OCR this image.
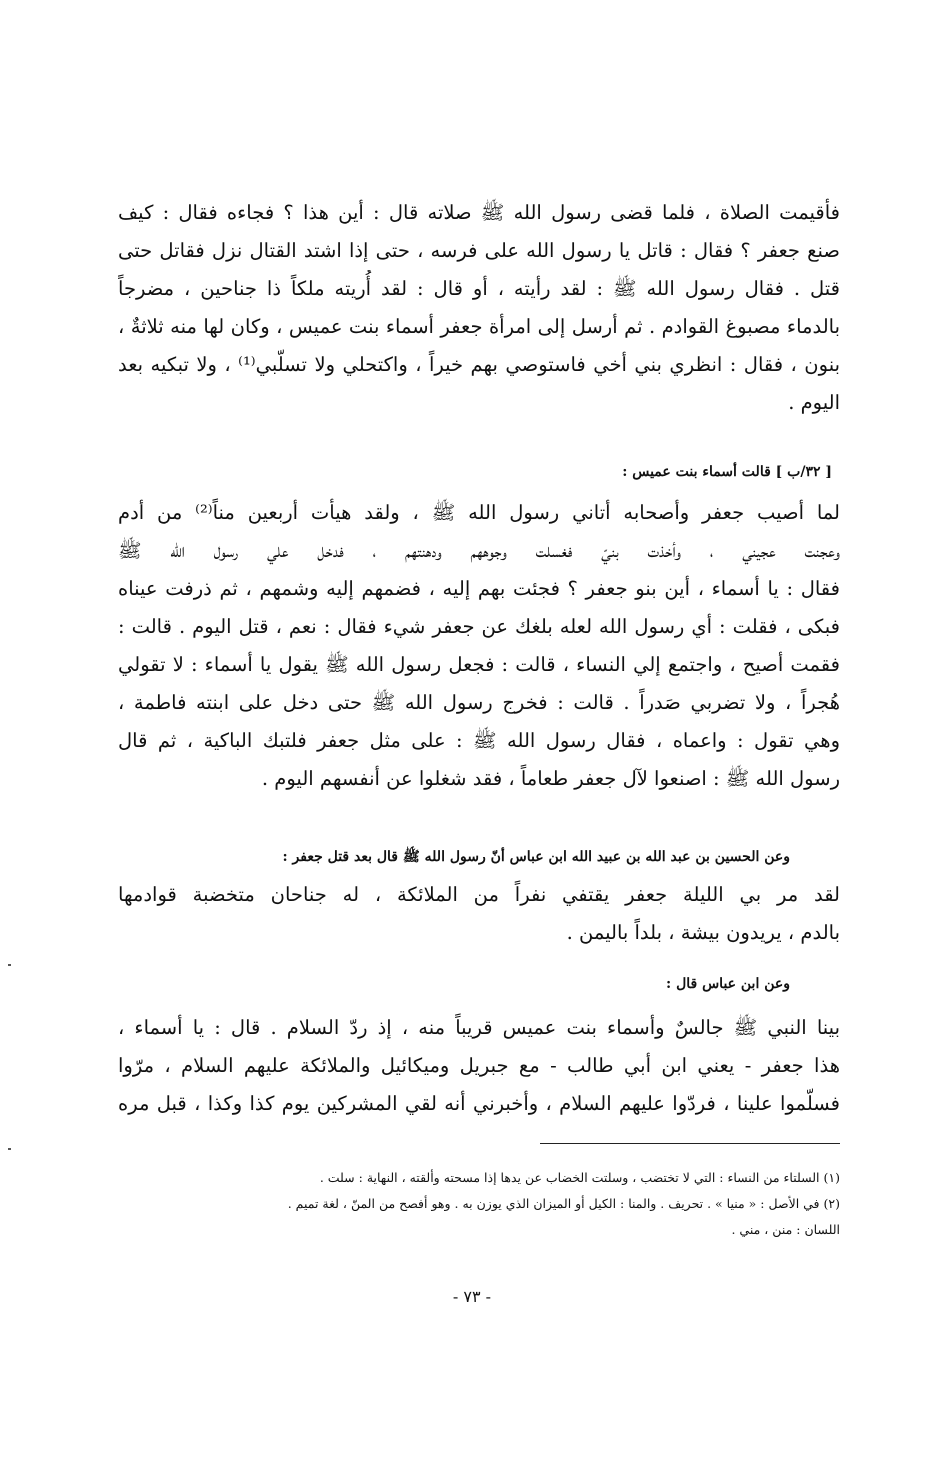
فأقيمت الصلاة ، فلما قضى رسول الله ﷺ صلاته قال : أين هذا ؟ فجاءه فقال : كيف
صنع جعفر ؟ فقال : قاتل يا رسول الله على فرسه ، حتى إذا اشتد القتال نزل فقاتل حتى
قتل . فقال رسول الله ﷺ : لقد رأيته ، أو قال : لقد أُريته ملكاً ذا جناحين ، مضرجاً
بالدماء مصبوغ القوادم . ثم أرسل إلى امرأة جعفر أسماء بنت عميس ، وكان لها منه ثلاثةٌ ،
بنون ، فقال : انظري بني أخي فاستوصي بهم خيراً ، واكتحلي ولا تسلّبي⁽¹⁾ ، ولا تبكيه بعد
اليوم .
[ ٣٢/ب ] قالت أسماء بنت عميس :
لما أصيب جعفر وأصحابه أتاني رسول الله ﷺ ، ولقد هيأت أربعين مناً⁽²⁾ من أدم
وعجنت عجيني ، وأخذت بنيّ فغسلت وجوههم ودهنتهم ، فدخل علي رسول الله ﷺ
فقال : يا أسماء ، أين بنو جعفر ؟ فجئت بهم إليه ، فضمهم إليه وشمهم ، ثم ذرفت عيناه
فبكى ، فقلت : أي رسول الله لعله بلغك عن جعفر شيء فقال : نعم ، قتل اليوم . قالت :
فقمت أصيح ، واجتمع إلي النساء ، قالت : فجعل رسول الله ﷺ يقول يا أسماء : لا تقولي
هُجراً ، ولا تضربي صَدراً . قالت : فخرج رسول الله ﷺ حتى دخل على ابنته فاطمة ،
وهي تقول : واعماه ، فقال رسول الله ﷺ : على مثل جعفر فلتبك الباكية ، ثم قال
رسول الله ﷺ : اصنعوا لآل جعفر طعاماً ، فقد شغلوا عن أنفسهم اليوم .
وعن الحسين بن عبد الله بن عبيد الله ابن عباس أنّ رسول الله ﷺ قال بعد قتل جعفر :
لقد مر بي الليلة جعفر يقتفي نفراً من الملائكة ، له جناحان متخضبة قوادمها
بالدم ، يريدون بيشة ، بلداً باليمن .
وعن ابن عباس قال :
بينا النبي ﷺ جالسٌ وأسماء بنت عميس قريباً منه ، إذ ردّ السلام . قال : يا أسماء ،
هذا جعفر - يعني ابن أبي طالب - مع جبريل وميكائيل والملائكة عليهم السلام ، مرّوا
فسلّموا علينا ، فردّوا عليهم السلام ، وأخبرني أنه لقي المشركين يوم كذا وكذا ، قبل مره
(١) السلتاء من النساء : التي لا تختضب ، وسلتت الخضاب عن يدها إذا مسحته وألقته ، النهاية : سلت .
(٢) في الأصل : « منيا » . تحريف . والمنا : الكيل أو الميزان الذي يوزن به . وهو أفصح من المنّ ، لغة تميم .
اللسان : منن ، مني .
- ٧٣ -
